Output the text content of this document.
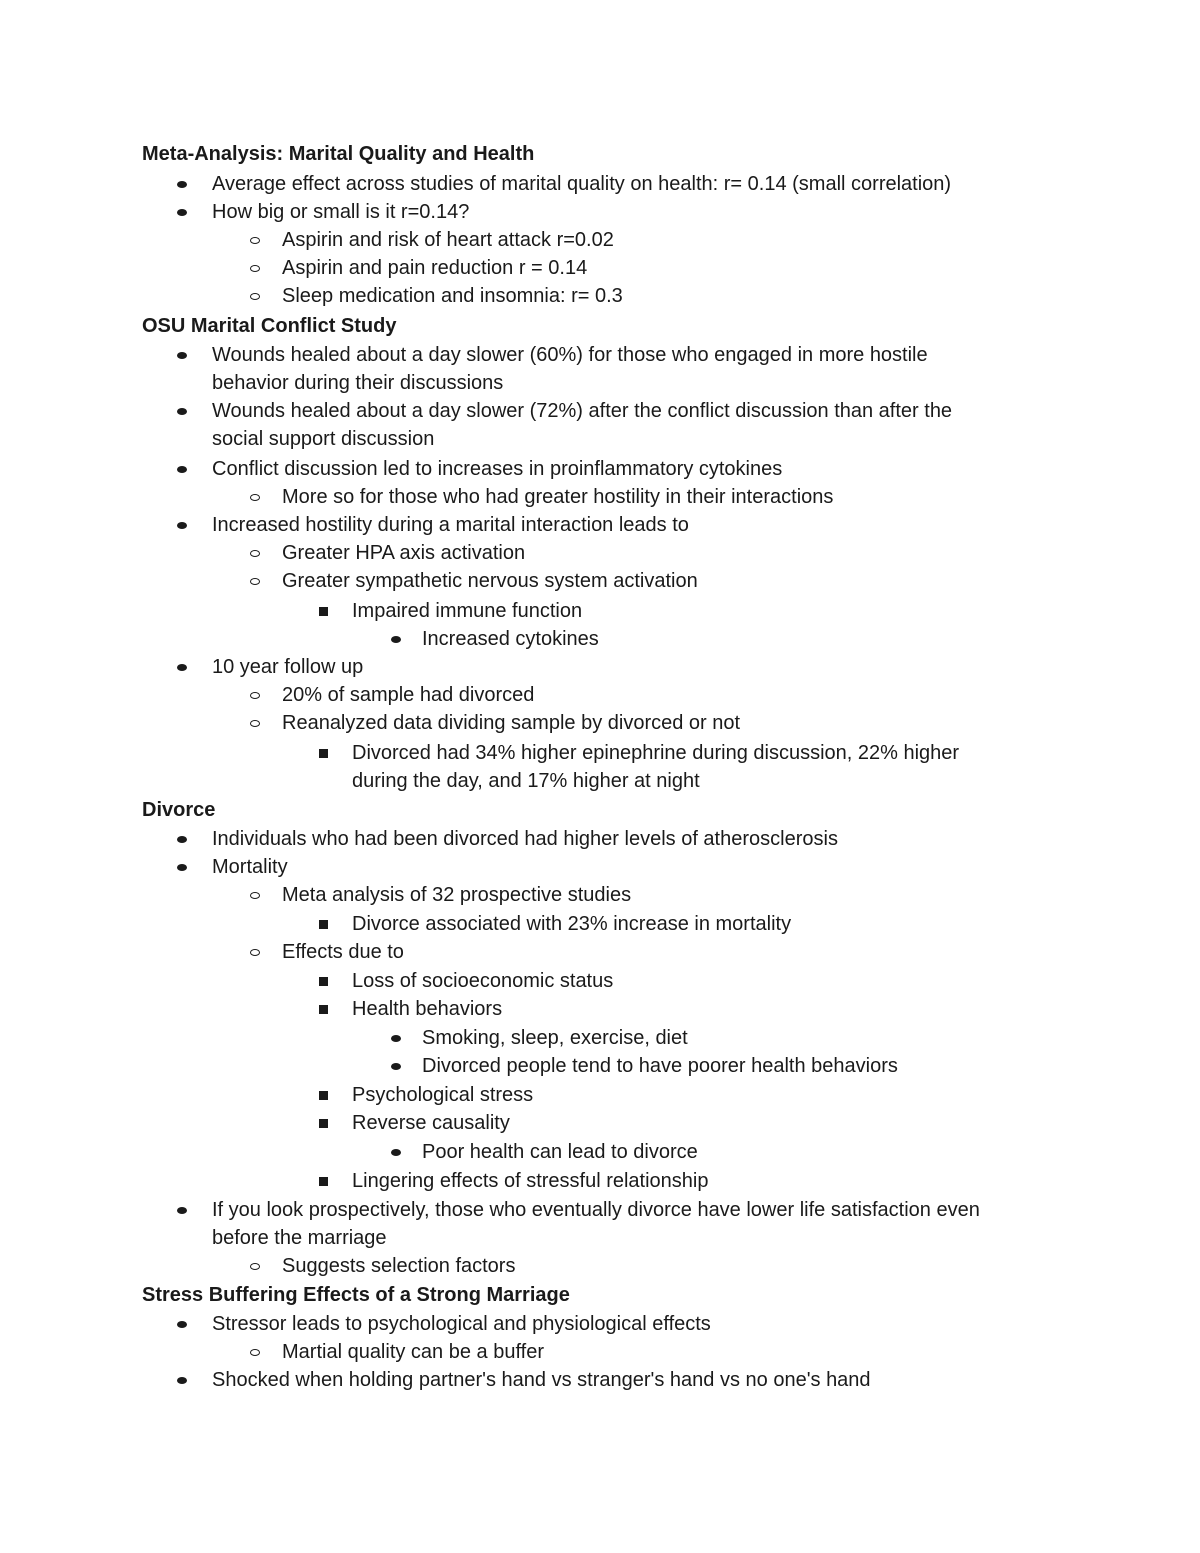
Meta-Analysis: Marital Quality and Health
Average effect across studies of marital quality on health: r= 0.14 (small correlation)
How big or small is it r=0.14?
Aspirin and risk of heart attack r=0.02
Aspirin and pain reduction r = 0.14
Sleep medication and insomnia: r= 0.3
OSU Marital Conflict Study
Wounds healed about a day slower (60%) for those who engaged in more hostile
behavior during their discussions
Wounds healed about a day slower (72%) after the conflict discussion than after the
social support discussion
Conflict discussion led to increases in proinflammatory cytokines
More so for those who had greater hostility in their interactions
Increased hostility during a marital interaction leads to
Greater HPA axis activation
Greater sympathetic nervous system activation
Impaired immune function
Increased cytokines
10 year follow up
20% of sample had divorced
Reanalyzed data dividing sample by divorced or not
Divorced had 34% higher epinephrine during discussion, 22% higher
during the day, and 17% higher at night
Divorce
Individuals who had been divorced had higher levels of atherosclerosis
Mortality
Meta analysis of 32 prospective studies
Divorce associated with 23% increase in mortality
Effects due to
Loss of socioeconomic status
Health behaviors
Smoking, sleep, exercise, diet
Divorced people tend to have poorer health behaviors
Psychological stress
Reverse causality
Poor health can lead to divorce
Lingering effects of stressful relationship
If you look prospectively, those who eventually divorce have lower life satisfaction even
before the marriage
Suggests selection factors
Stress Buffering Effects of a Strong Marriage
Stressor leads to psychological and physiological effects
Martial quality can be a buffer
Shocked when holding partner's hand vs stranger's hand vs no one's hand
